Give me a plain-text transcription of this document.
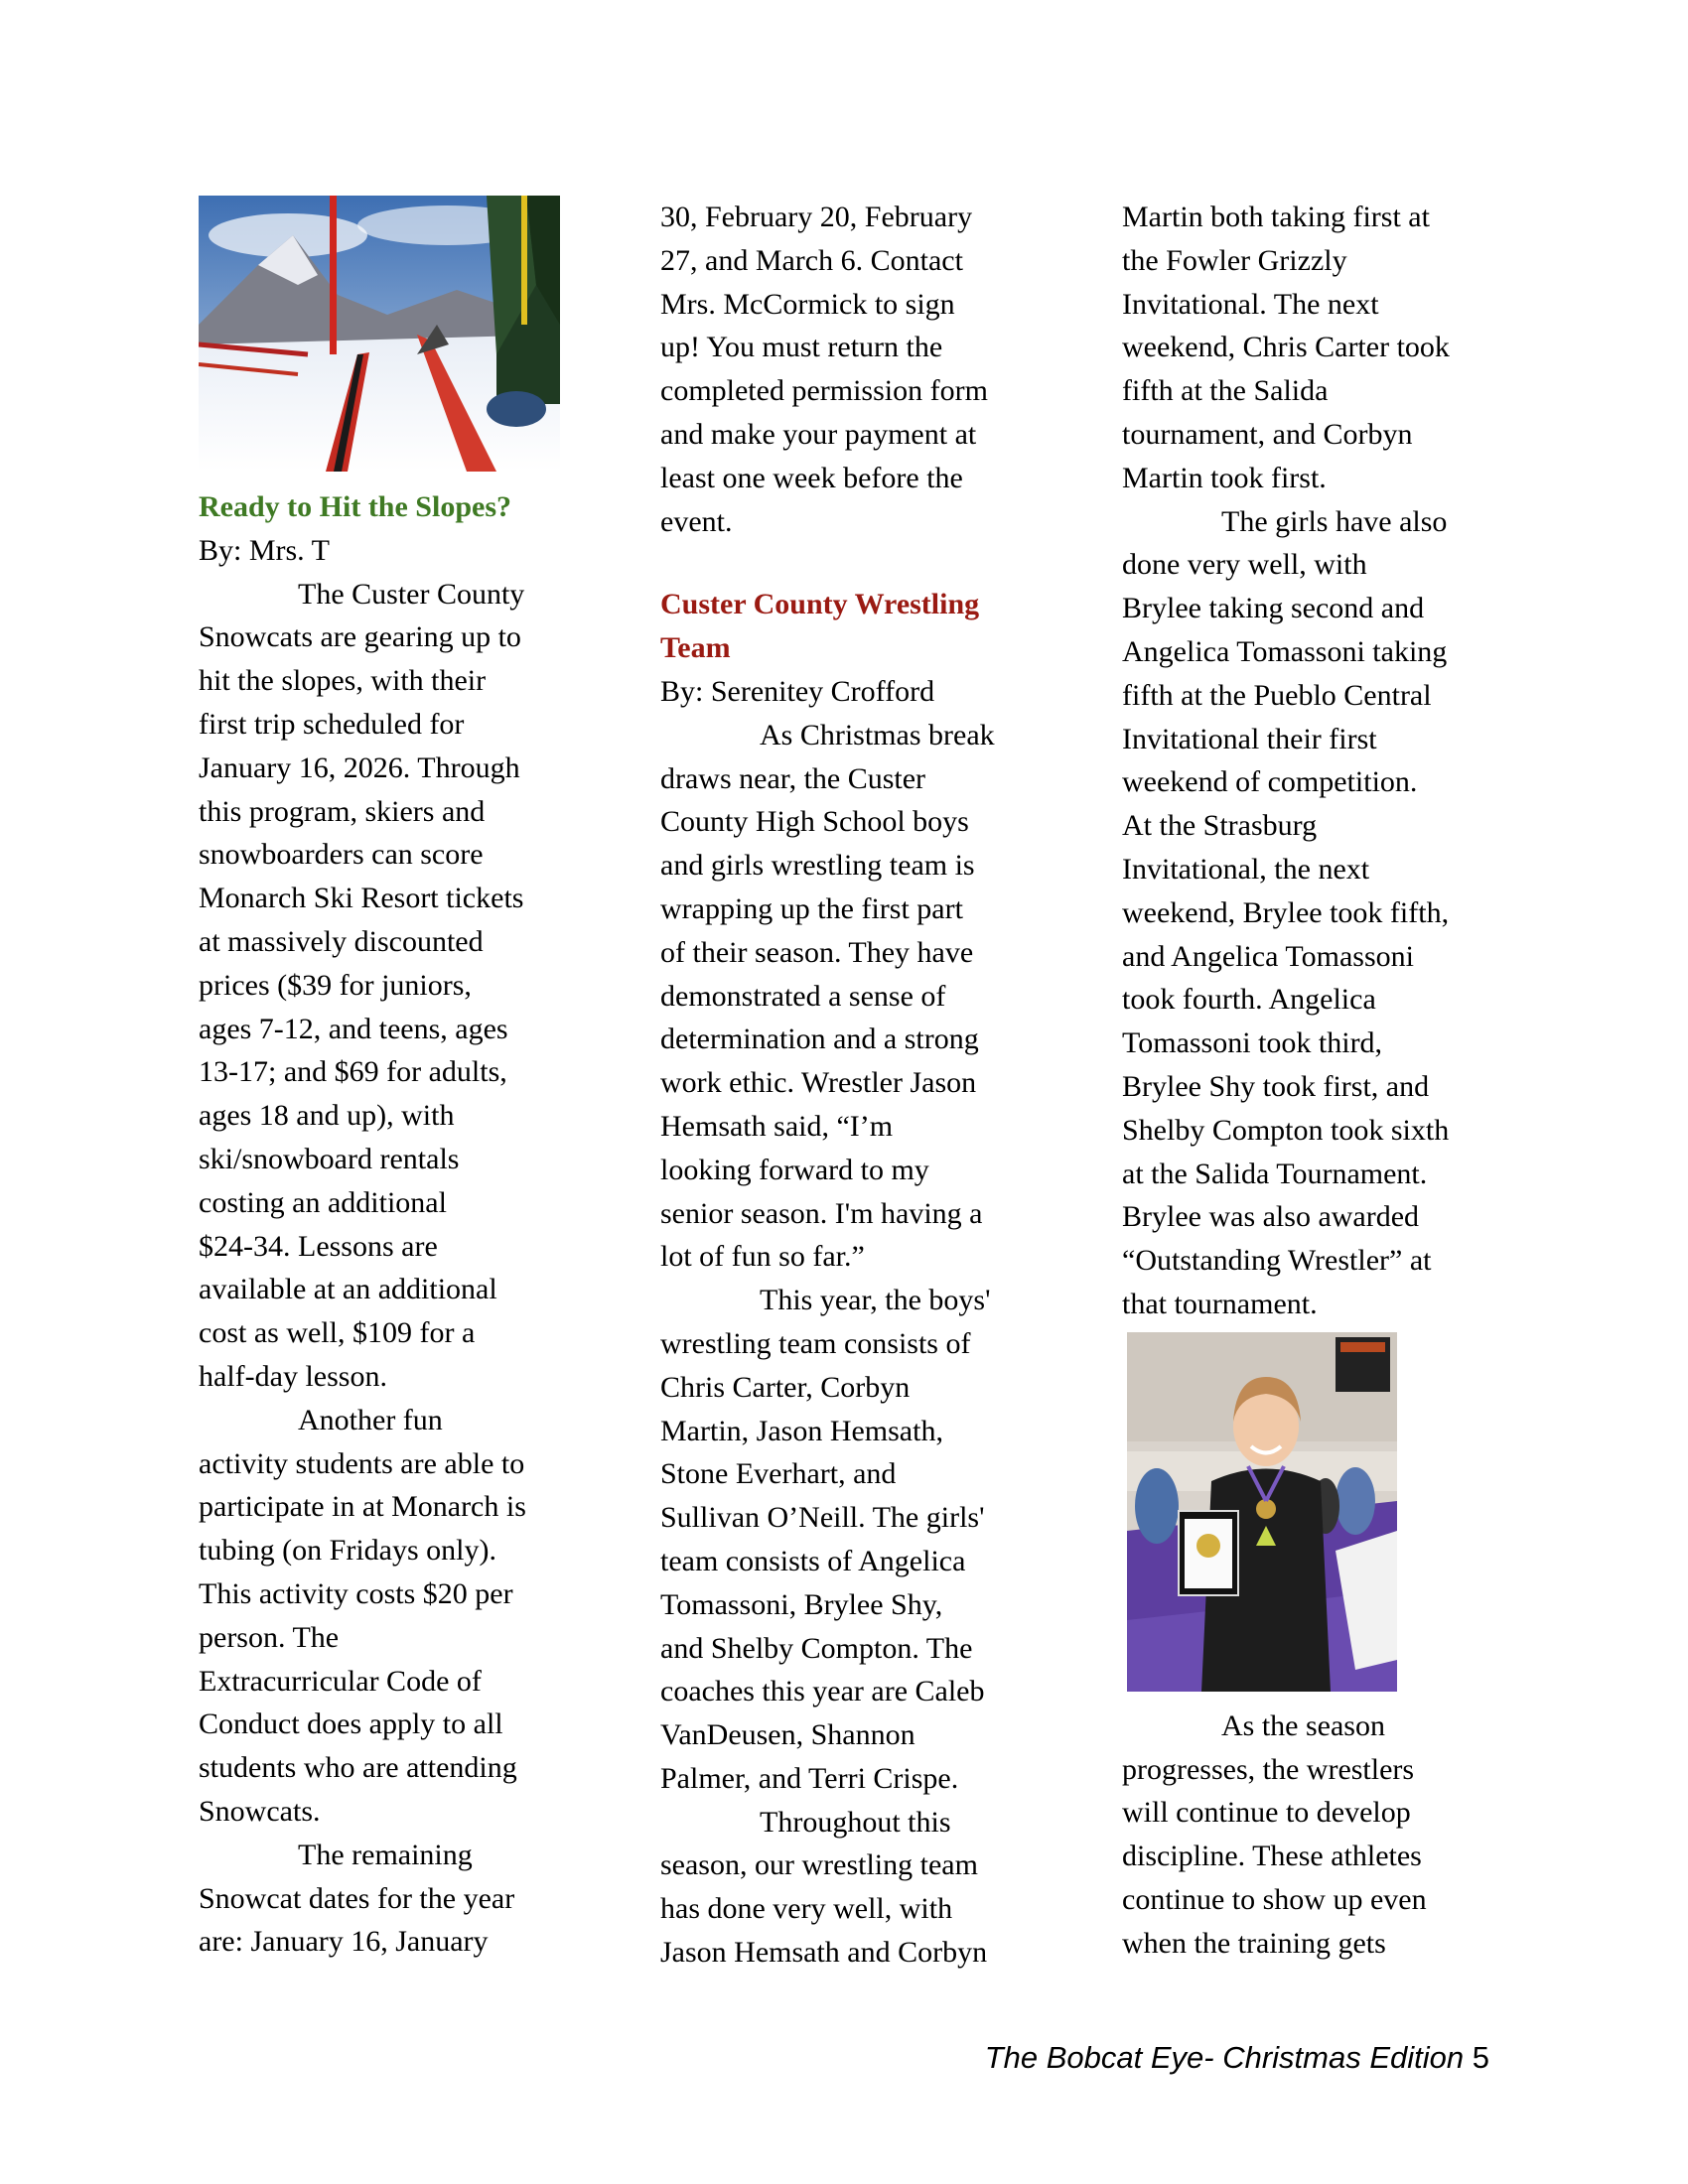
Ready to Hit the Slopes?

By: Mrs. T

The Custer County
Snowcats are gearing up to
hit the slopes, with their
first trip scheduled for
January 16, 2026. Through
this program, skiers and
snowboarders can score
Monarch Ski Resort tickets
at massively discounted
prices ($39 for juniors,
ages 7-12, and teens, ages
13-17; and $69 for adults,
ages 18 and up), with
ski/snowboard rentals
costing an additional
$24-34. Lessons are
available at an additional
cost as well, $109 for a
half-day lesson.

Another fun
activity students are able to
participate in at Monarch is
tubing (on Fridays only).
This activity costs $20 per
person. The
Extracurricular Code of
Conduct does apply to all
students who are attending
Snowcats.

The remaining
Snowcat dates for the year
are: January 16, January

30, February 20, February
27, and March 6. Contact
Mrs. McCormick to sign
up! You must return the
completed permission form
and make your payment at
least one week before the
event.

Custer County Wrestling
Team

By: Serenitey Crofford

As Christmas break
draws near, the Custer
County High School boys
and girls wrestling team is
wrapping up the first part
of their season. They have
demonstrated a sense of
determination and a strong
work ethic. Wrestler Jason
Hemsath said, “I’m
looking forward to my
senior season. I'm having a
lot of fun so far.”

This year, the boys'
wrestling team consists of
Chris Carter, Corbyn
Martin, Jason Hemsath,
Stone Everhart, and
Sullivan O’Neill. The girls'
team consists of Angelica
Tomassoni, Brylee Shy,
and Shelby Compton. The
coaches this year are Caleb
VanDeusen, Shannon
Palmer, and Terri Crispe.

Throughout this
season, our wrestling team
has done very well, with
Jason Hemsath and Corbyn

Martin both taking first at
the Fowler Grizzly
Invitational. The next
weekend, Chris Carter took
fifth at the Salida
tournament, and Corbyn
Martin took first.

The girls have also
done very well, with
Brylee taking second and
Angelica Tomassoni taking
fifth at the Pueblo Central
Invitational their first
weekend of competition.
At the Strasburg
Invitational, the next
weekend, Brylee took fifth,
and Angelica Tomassoni
took fourth. Angelica
Tomassoni took third,
Brylee Shy took first, and
Shelby Compton took sixth
at the Salida Tournament.
Brylee was also awarded
“Outstanding Wrestler” at
that tournament.

As the season
progresses, the wrestlers
will continue to develop
discipline. These athletes
continue to show up even
when the training gets

The Bobcat Eye- Christmas Edition 5
